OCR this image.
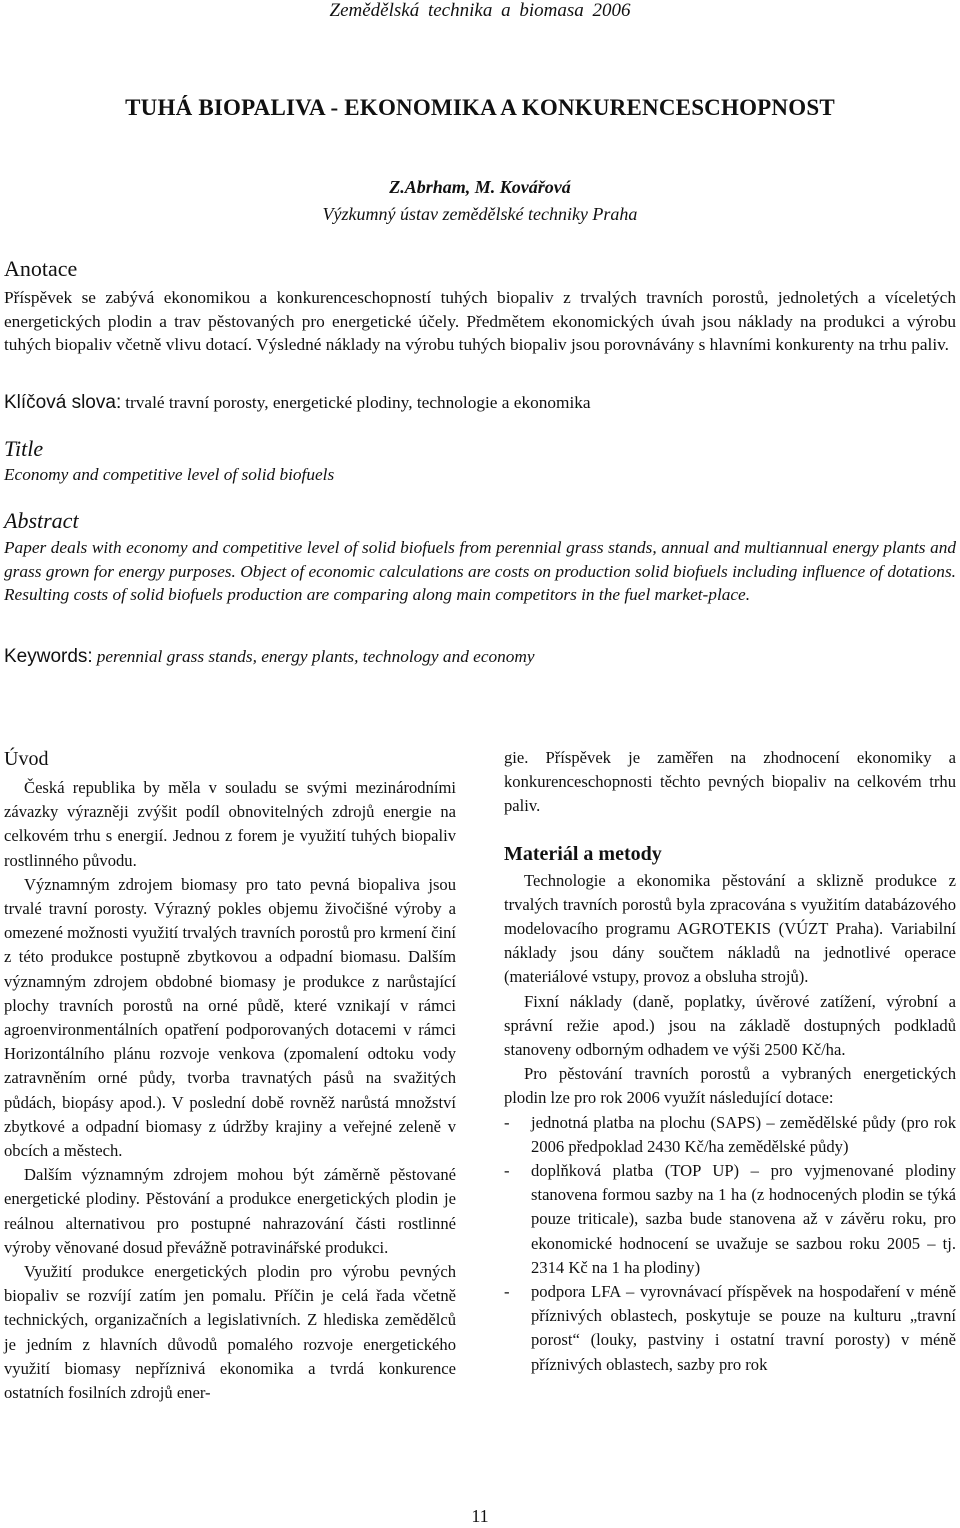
Zemědělská technika a biomasa 2006
TUHÁ BIOPALIVA - EKONOMIKA A KONKURENCESCHOPNOST
Z.Abrham, M. Kovářová
Výzkumný ústav zemědělské techniky Praha
Anotace

Příspěvek se zabývá ekonomikou a konkurenceschopností tuhých biopaliv z trvalých travních porostů, jednoletých a víceletých energetických plodin a trav pěstovaných pro energetické účely. Předmětem ekonomických úvah jsou náklady na produkci a výrobu tuhých biopaliv včetně vlivu dotací. Výsledné náklady na výrobu tuhých biopaliv jsou porovnávány s hlavními konkurenty na trhu paliv.

Klíčová slova: trvalé travní porosty, energetické plodiny, technologie a ekonomika
Title

Economy and competitive level of solid biofuels

Abstract

Paper deals with economy and competitive level of solid biofuels from perennial grass stands, annual and multiannual energy plants and grass grown for energy purposes. Object of economic calculations are costs on production solid biofuels including influence of dotations. Resulting costs of solid biofuels production are comparing along main competitors in the fuel market-place.

Keywords: perennial grass stands, energy plants, technology and economy
Úvod

Česká republika by měla v souladu se svými mezinárodními závazky výrazněji zvýšit podíl obnovitelných zdrojů energie na celkovém trhu s energií. Jednou z forem je využití tuhých biopaliv rostlinného původu.

Významným zdrojem biomasy pro tato pevná biopaliva jsou trvalé travní porosty. Výrazný pokles objemu živočišné výroby a omezené možnosti využití trvalých travních porostů pro krmení činí z této produkce postupně zbytkovou a odpadní biomasu. Dalším významným zdrojem obdobné biomasy je produkce z narůstající plochy travních porostů na orné půdě, které vznikají v rámci agroenvironmentálních opatření podporovaných dotacemi v rámci Horizontálního plánu rozvoje venkova (zpomalení odtoku vody zatravněním orné půdy, tvorba travnatých pásů na svažitých půdách, biopásy apod.). V poslední době rovněž narůstá množství zbytkové a odpadní biomasy z údržby krajiny a veřejné zeleně v obcích a městech.

Dalším významným zdrojem mohou být záměrně pěstované energetické plodiny. Pěstování a produkce energetických plodin je reálnou alternativou pro postupné nahrazování části rostlinné výroby věnované dosud převážně potravinářské produkci.

Využití produkce energetických plodin pro výrobu pevných biopaliv se rozvíjí zatím jen pomalu. Příčin je celá řada včetně technických, organizačních a legislativních. Z hlediska zemědělců je jedním z hlavních důvodů pomalého rozvoje energetického využití biomasy nepříznivá ekonomika a tvrdá konkurence ostatních fosilních zdrojů ener-

gie. Příspěvek je zaměřen na zhodnocení ekonomiky a konkurenceschopnosti těchto pevných biopaliv na celkovém trhu paliv.

Materiál a metody

Technologie a ekonomika pěstování a sklizně produkce z trvalých travních porostů byla zpracována s využitím databázového modelovacího programu AGROTEKIS (VÚZT Praha). Variabilní náklady jsou dány součtem nákladů na jednotlivé operace (materiálové vstupy, provoz a obsluha strojů).

Fixní náklady (daně, poplatky, úvěrové zatížení, výrobní a správní režie apod.) jsou na základě dostupných podkladů stanoveny odborným odhadem ve výši 2500 Kč/ha.

Pro pěstování travních porostů a vybraných energetických plodin lze pro rok 2006 využít následující dotace:

-	jednotná platba na plochu (SAPS) – zemědělské půdy (pro rok 2006 předpoklad 2430 Kč/ha zemědělské půdy)
-	doplňková platba (TOP UP) – pro vyjmenované plodiny stanovena formou sazby na 1 ha (z hodnocených plodin se týká pouze triticale), sazba bude stanovena až v závěru roku, pro ekonomické hodnocení se uvažuje se sazbou roku 2005 – tj. 2314 Kč na 1 ha plodiny)
-	podpora LFA – vyrovnávací příspěvek na hospodaření v méně příznivých oblastech, poskytuje se pouze na kulturu „travní porost“ (louky, pastviny i ostatní travní porosty) v méně příznivých oblastech, sazby pro rok
11
